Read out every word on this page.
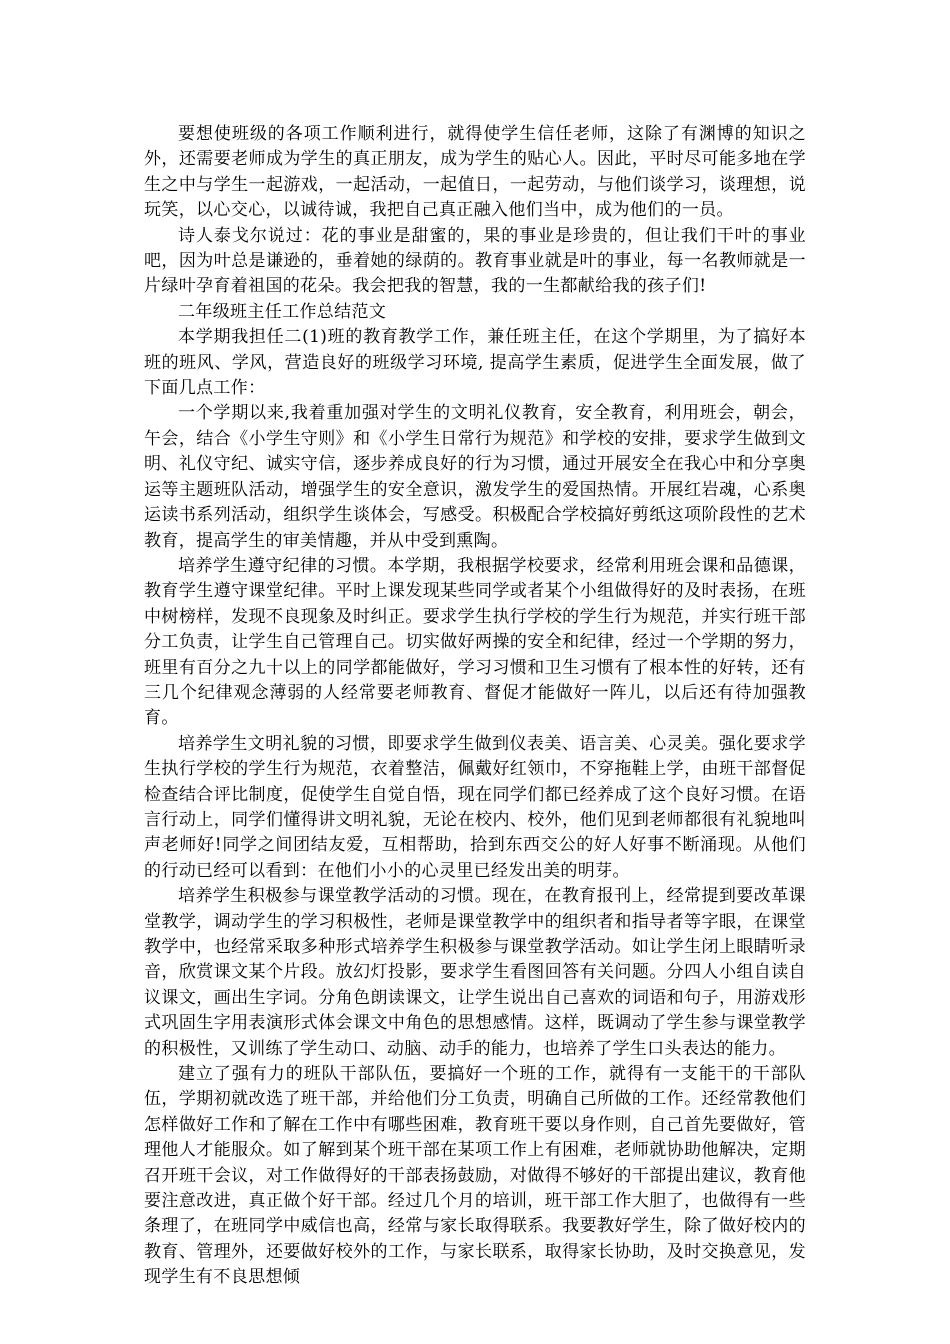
要想使班级的各项工作顺利进行，就得使学生信任老师，这除了有渊博的知识之外，还需要老师成为学生的真正朋友，成为学生的贴心人。因此，平时尽可能多地在学生之中与学生一起游戏，一起活动，一起值日，一起劳动，与他们谈学习，谈理想，说玩笑，以心交心，以诚待诚，我把自己真正融入他们当中，成为他们的一员。

诗人泰戈尔说过：花的事业是甜蜜的，果的事业是珍贵的，但让我们干叶的事业吧，因为叶总是谦逊的，垂着她的绿荫的。教育事业就是叶的事业，每一名教师就是一片绿叶孕育着祖国的花朵。我会把我的智慧，我的一生都献给我的孩子们!

二年级班主任工作总结范文

本学期我担任二(1)班的教育教学工作，兼任班主任，在这个学期里，为了搞好本班的班风、学风，营造良好的班级学习环境, 提高学生素质，促进学生全面发展，做了下面几点工作：

一个学期以来,我着重加强对学生的文明礼仪教育，安全教育，利用班会，朝会，午会，结合《小学生守则》和《小学生日常行为规范》和学校的安排，要求学生做到文明、礼仪守纪、诚实守信，逐步养成良好的行为习惯，通过开展安全在我心中和分享奥运等主题班队活动，增强学生的安全意识，激发学生的爱国热情。开展红岩魂，心系奥运读书系列活动，组织学生谈体会，写感受。积极配合学校搞好剪纸这项阶段性的艺术教育，提高学生的审美情趣，并从中受到熏陶。

培养学生遵守纪律的习惯。本学期，我根据学校要求，经常利用班会课和品德课，教育学生遵守课堂纪律。平时上课发现某些同学或者某个小组做得好的及时表扬，在班中树榜样，发现不良现象及时纠正。要求学生执行学校的学生行为规范，并实行班干部分工负责，让学生自己管理自己。切实做好两操的安全和纪律，经过一个学期的努力，班里有百分之九十以上的同学都能做好，学习习惯和卫生习惯有了根本性的好转，还有三几个纪律观念薄弱的人经常要老师教育、督促才能做好一阵儿，以后还有待加强教育。

培养学生文明礼貌的习惯，即要求学生做到仪表美、语言美、心灵美。强化要求学生执行学校的学生行为规范，衣着整洁，佩戴好红领巾，不穿拖鞋上学，由班干部督促检查结合评比制度，促使学生自觉自悟，现在同学们都已经养成了这个良好习惯。在语言行动上，同学们懂得讲文明礼貌，无论在校内、校外，他们见到老师都很有礼貌地叫声老师好!同学之间团结友爱，互相帮助，拾到东西交公的好人好事不断涌现。从他们的行动已经可以看到：在他们小小的心灵里已经发出美的明芽。

培养学生积极参与课堂教学活动的习惯。现在，在教育报刊上，经常提到要改革课堂教学，调动学生的学习积极性，老师是课堂教学中的组织者和指导者等字眼，在课堂教学中，也经常采取多种形式培养学生积极参与课堂教学活动。如让学生闭上眼睛听录音，欣赏课文某个片段。放幻灯投影，要求学生看图回答有关问题。分四人小组自读自议课文，画出生字词。分角色朗读课文，让学生说出自己喜欢的词语和句子，用游戏形式巩固生字用表演形式体会课文中角色的思想感情。这样，既调动了学生参与课堂教学的积极性，又训练了学生动口、动脑、动手的能力，也培养了学生口头表达的能力。

建立了强有力的班队干部队伍，要搞好一个班的工作，就得有一支能干的干部队伍，学期初就改选了班干部，并给他们分工负责，明确自己所做的工作。还经常教他们怎样做好工作和了解在工作中有哪些困难，教育班干要以身作则，自己首先要做好，管理他人才能服众。如了解到某个班干部在某项工作上有困难，老师就协助他解决，定期召开班干会议，对工作做得好的干部表扬鼓励，对做得不够好的干部提出建议，教育他要注意改进，真正做个好干部。经过几个月的培训，班干部工作大胆了，也做得有一些条理了，在班同学中威信也高，经常与家长取得联系。我要教好学生，除了做好校内的教育、管理外，还要做好校外的工作，与家长联系，取得家长协助，及时交换意见，发现学生有不良思想倾
